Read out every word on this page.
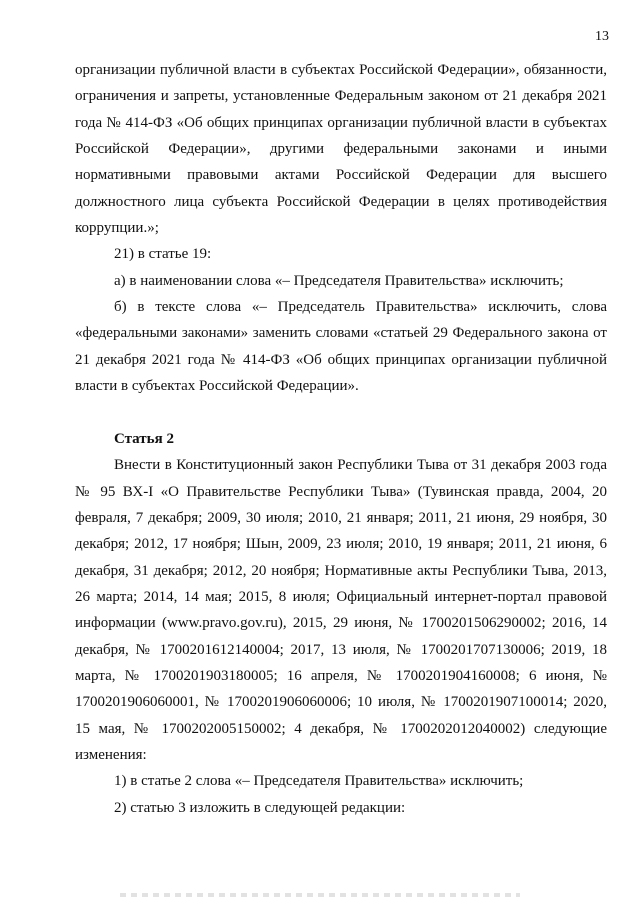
13
организации публичной власти в субъектах Российской Федерации», обязанности,
ограничения и запреты, установленные Федеральным законом от 21 декабря 2021
года № 414-ФЗ «Об общих принципах организации публичной власти в субъектах
Российской Федерации», другими федеральными законами и иными
нормативными правовыми актами Российской Федерации для высшего
должностного лица субъекта Российской Федерации в целях противодействия
коррупции.»;
21) в статье 19:
а) в наименовании слова «– Председателя Правительства» исключить;
б) в тексте слова «– Председатель Правительства» исключить, слова
«федеральными законами» заменить словами «статьей 29 Федерального закона от
21 декабря 2021 года № 414-ФЗ «Об общих принципах организации публичной
власти в субъектах Российской Федерации».
Статья 2
Внести в Конституционный закон Республики Тыва от 31 декабря 2003 года
№ 95 ВХ-I «О Правительстве Республики Тыва» (Тувинская правда, 2004, 20
февраля, 7 декабря; 2009, 30 июля; 2010, 21 января; 2011, 21 июня, 29 ноября, 30
декабря; 2012, 17 ноября; Шын, 2009, 23 июля; 2010, 19 января; 2011, 21 июня, 6
декабря, 31 декабря; 2012, 20 ноября; Нормативные акты Республики Тыва, 2013,
26 марта; 2014, 14 мая; 2015, 8 июля; Официальный интернет-портал правовой
информации (www.pravo.gov.ru), 2015, 29 июня, № 1700201506290002; 2016, 14
декабря, № 1700201612140004; 2017, 13 июля, № 1700201707130006; 2019, 18
марта, № 1700201903180005; 16 апреля, № 1700201904160008; 6 июня, №
1700201906060001, № 1700201906060006; 10 июля, № 1700201907100014; 2020,
15 мая, № 1700202005150002; 4 декабря, № 1700202012040002) следующие
изменения:
1) в статье 2 слова «– Председателя Правительства» исключить;
2) статью 3 изложить в следующей редакции:
